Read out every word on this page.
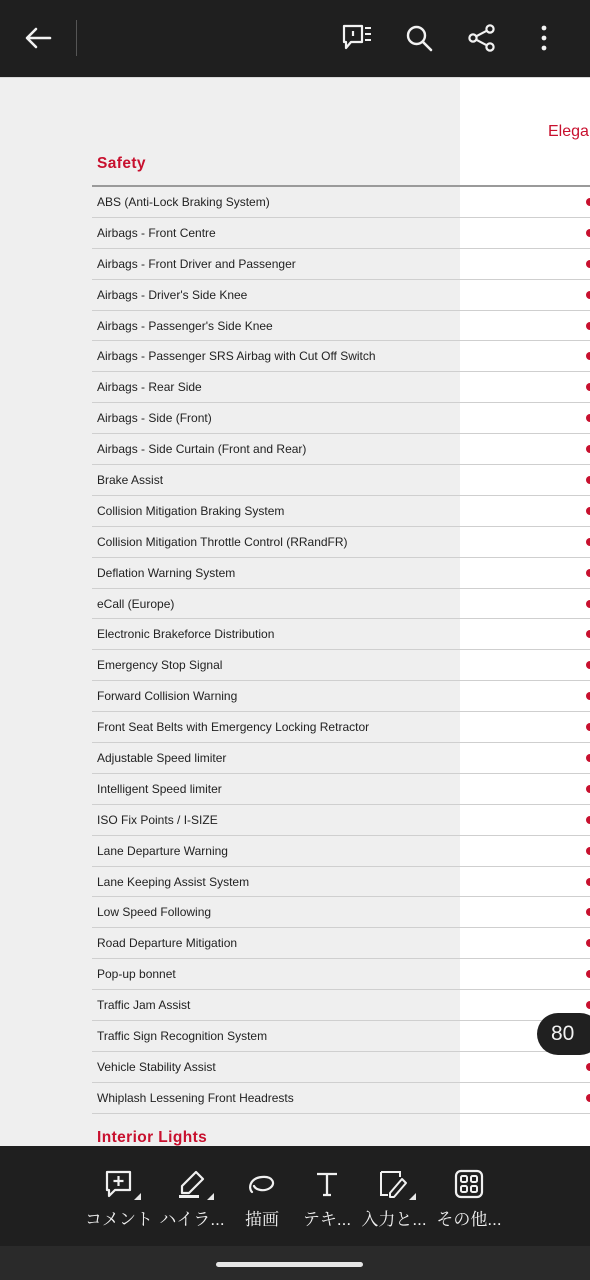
Elega
Safety
ABS (Anti-Lock Braking System)
Airbags - Front Centre
Airbags - Front Driver and Passenger
Airbags - Driver's Side Knee
Airbags - Passenger's Side Knee
Airbags - Passenger SRS Airbag with Cut Off Switch
Airbags - Rear Side
Airbags - Side (Front)
Airbags - Side Curtain (Front and Rear)
Brake Assist
Collision Mitigation Braking System
Collision Mitigation Throttle Control (RRandFR)
Deflation Warning System
eCall (Europe)
Electronic Brakeforce Distribution
Emergency Stop Signal
Forward Collision Warning
Front Seat Belts with Emergency Locking Retractor
Adjustable Speed limiter
Intelligent Speed limiter
ISO Fix Points / I-SIZE
Lane Departure Warning
Lane Keeping Assist System
Low Speed Following
Road Departure Mitigation
Pop-up bonnet
Traffic Jam Assist
Traffic Sign Recognition System
Vehicle Stability Assist
Whiplash Lessening Front Headrests
Interior Lights
80
コメント ハイラ... 描画 テキ... 入力と... その他...
